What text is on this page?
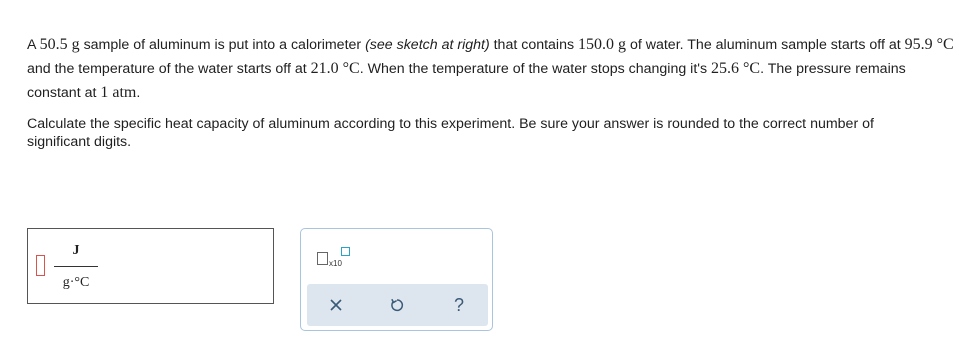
A 50.5 g sample of aluminum is put into a calorimeter (see sketch at right) that contains 150.0 g of water. The aluminum sample starts off at 95.9 °C and the temperature of the water starts off at 21.0 °C. When the temperature of the water stops changing it's 25.6 °C. The pressure remains constant at 1 atm.
Calculate the specific heat capacity of aluminum according to this experiment. Be sure your answer is rounded to the correct number of significant digits.
J
g·°C
x10
?
